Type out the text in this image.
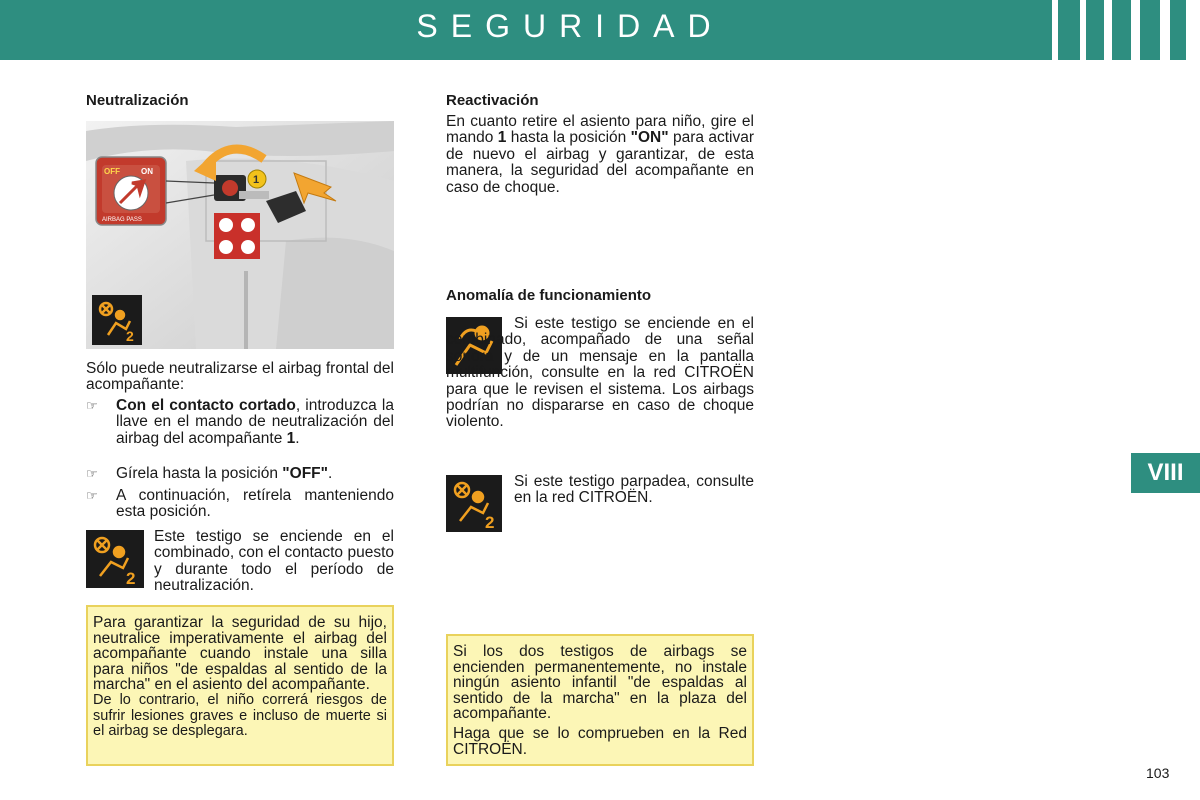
SEGURIDAD
VIII
Neutralización
OFF	ON
AIRBAG PASS
1
2
Sólo puede neutralizarse el airbag frontal del acompañante:
☞ Con el contacto cortado, introduzca la llave en el mando de neutralización del airbag del acompañante 1.
☞ Gírela hasta la posición "OFF".
☞ A continuación, retírela manteniendo esta posición.
2
Este testigo se enciende en el combinado, con el contacto puesto y durante todo el período de neutralización.
Para garantizar la seguridad de su hijo, neutralice imperativamente el airbag del acompañante cuando instale una silla para niños "de espaldas al sentido de la marcha" en el asiento del acompañante.
De lo contrario, el niño correrá riesgos de sufrir lesiones graves e incluso de muerte si el airbag se desplegara.
Reactivación
En cuanto retire el asiento para niño, gire el mando 1 hasta la posición "ON" para activar de nuevo el airbag y garantizar, de esta manera, la seguridad del acompañante en caso de choque.
Anomalía de funcionamiento
Si este testigo se enciende en el combinado, acompañado de una señal sonora y de un mensaje en la pantalla multifunción, consulte en la red CITROËN para que le revisen el sistema. Los airbags podrían no dispararse en caso de choque violento.
2
Si este testigo parpadea, consulte en la red CITROËN.
Si los dos testigos de airbags se encienden permanentemente, no instale ningún asiento infantil "de espaldas al sentido de la marcha" en la plaza del acompañante.
Haga que se lo comprueben en la Red CITROËN.
103
